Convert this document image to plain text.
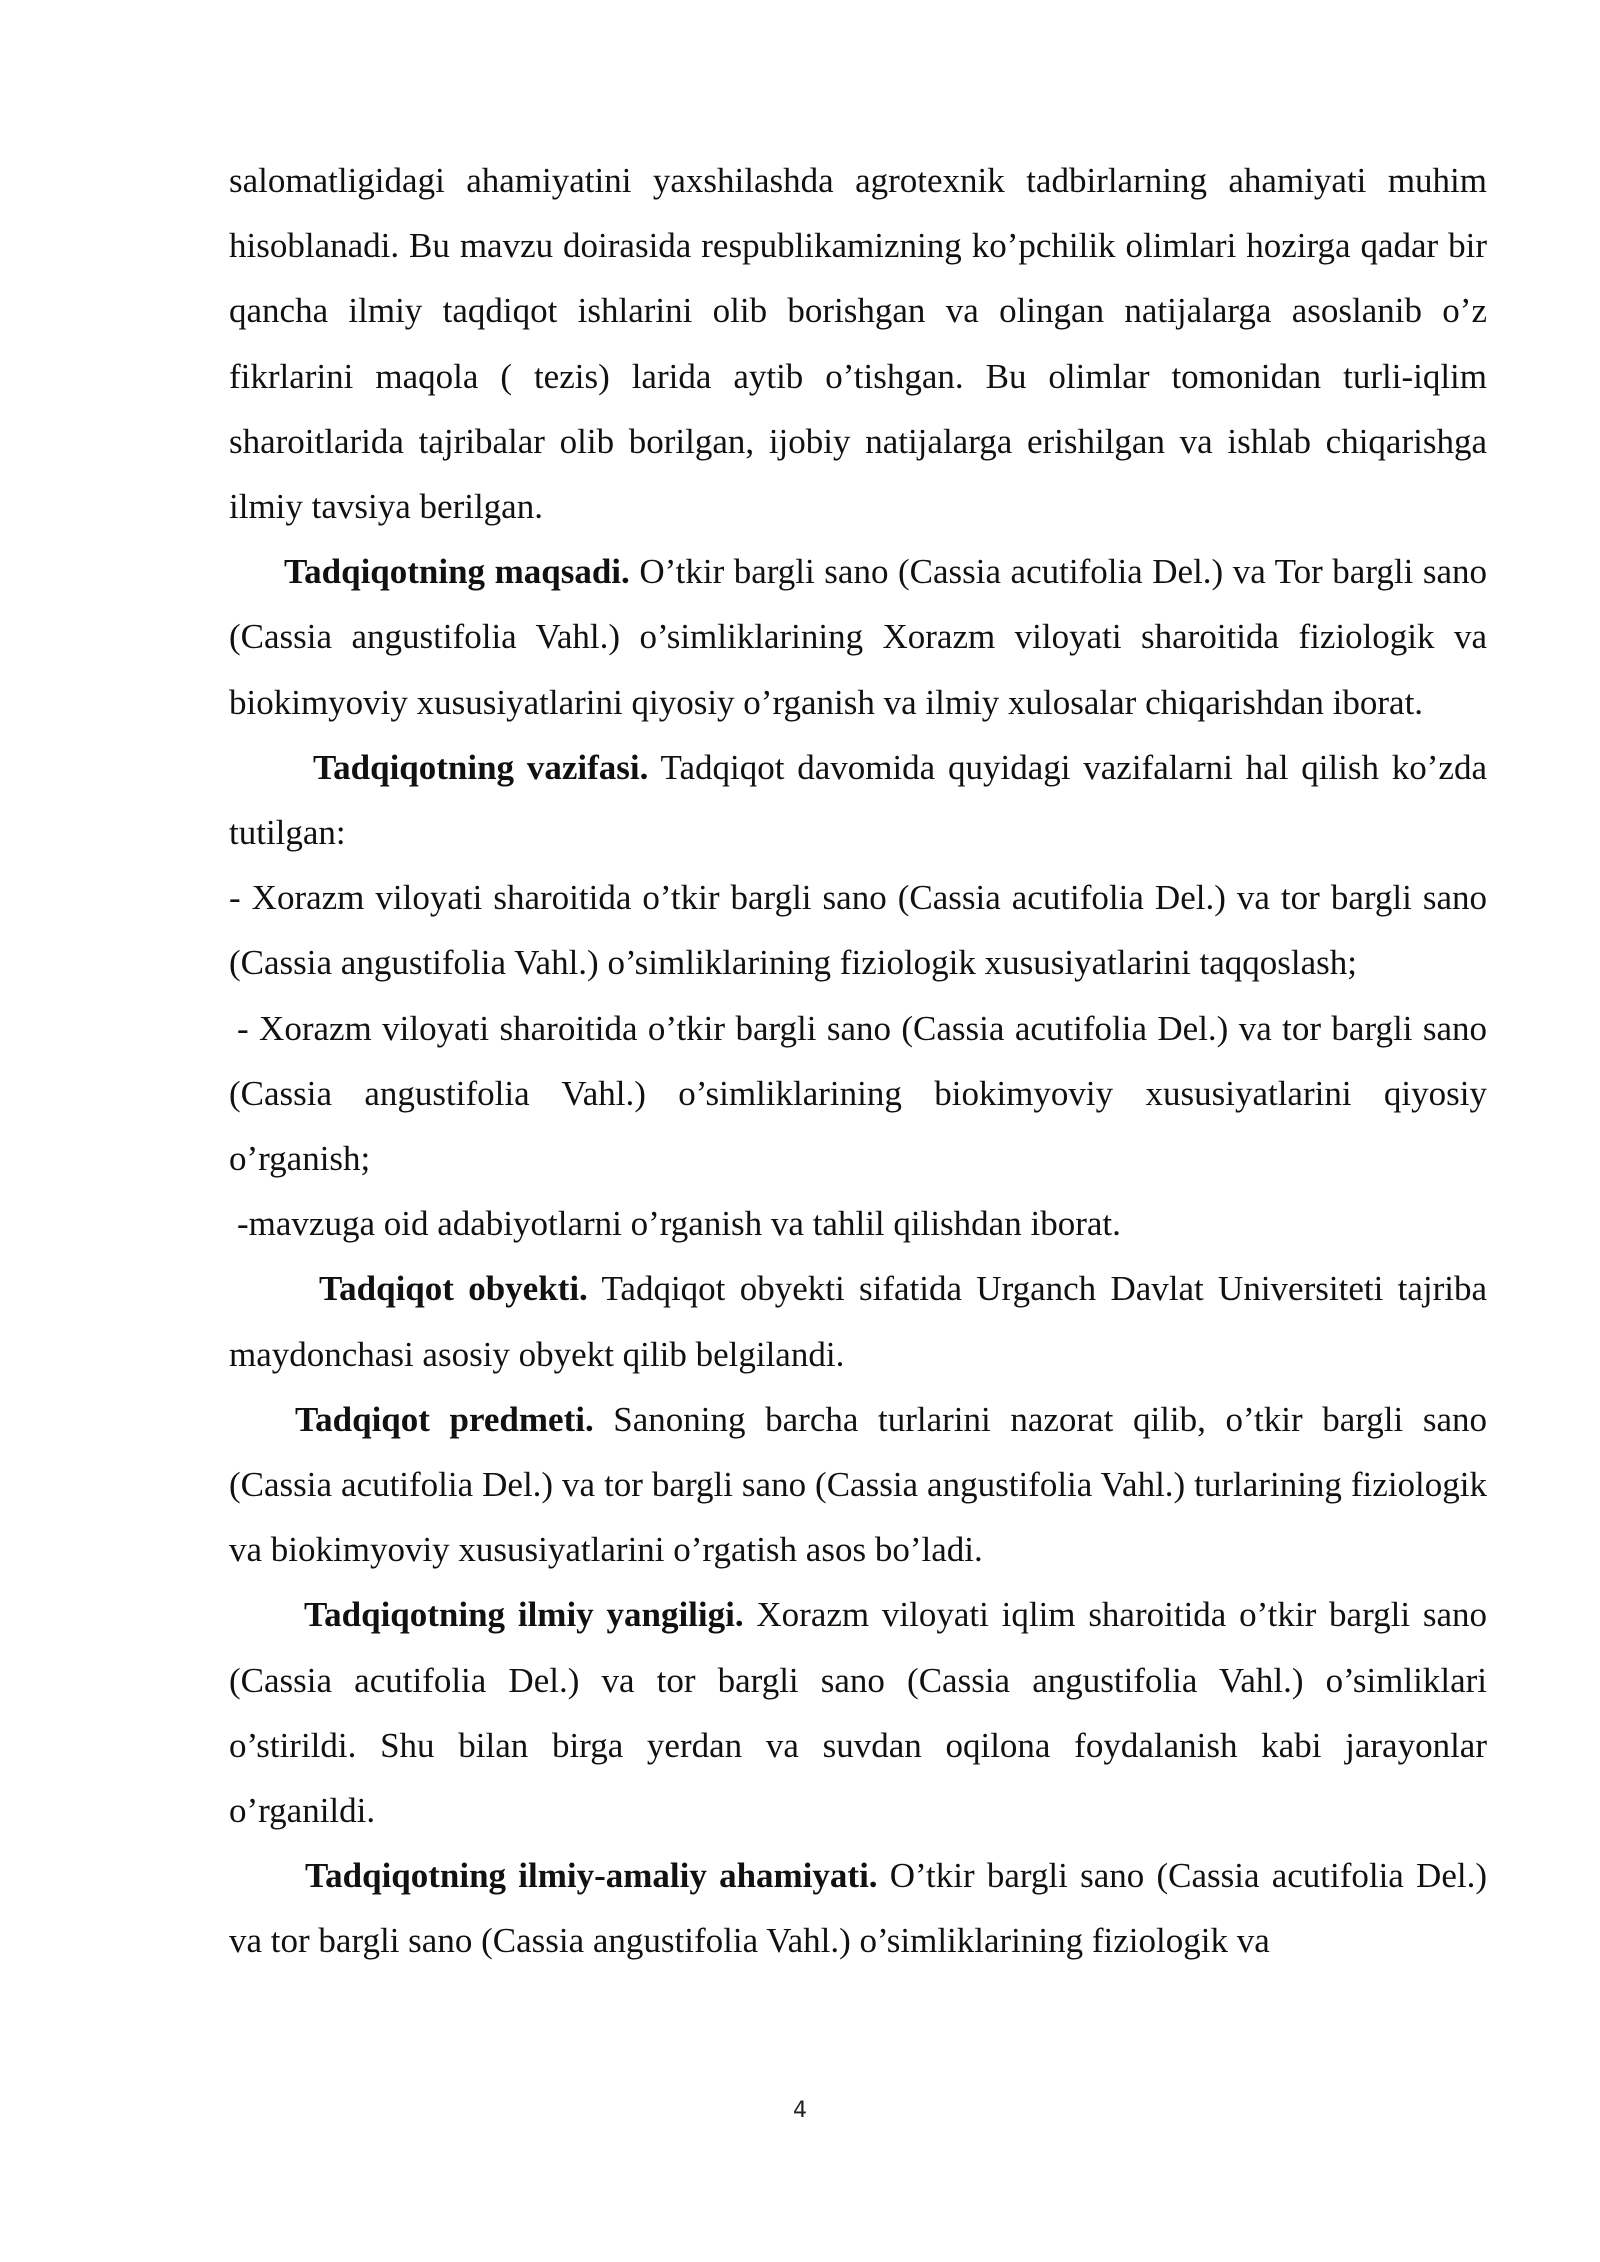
salomatligidagi ahamiyatini yaxshilashda agrotexnik tadbirlarning ahamiyati muhim hisoblanadi. Bu mavzu doirasida respublikamizning ko’pchilik olimlari hozirga qadar bir qancha ilmiy taqdiqot ishlarini olib borishgan va olingan natijalarga asoslanib o’z fikrlarini maqola ( tezis) larida aytib o’tishgan. Bu olimlar tomonidan turli-iqlim sharoitlarida tajribalar olib borilgan, ijobiy natijalarga erishilgan va ishlab chiqarishga ilmiy tavsiya berilgan.

Tadqiqotning maqsadi. O’tkir bargli sano (Cassia acutifolia Del.) va Tor bargli sano (Cassia angustifolia Vahl.) o’simliklarining Xorazm viloyati sharoitida fiziologik va biokimyoviy xususiyatlarini qiyosiy o’rganish va ilmiy xulosalar chiqarishdan iborat.

Tadqiqotning vazifasi. Tadqiqot davomida quyidagi vazifalarni hal qilish ko’zda tutilgan:

- Xorazm viloyati sharoitida o’tkir bargli sano (Cassia acutifolia Del.) va tor bargli sano (Cassia angustifolia Vahl.) o’simliklarining fiziologik xususiyatlarini taqqoslash;

- Xorazm viloyati sharoitida o’tkir bargli sano (Cassia acutifolia Del.) va tor bargli sano (Cassia angustifolia Vahl.) o’simliklarining biokimyoviy xususiyatlarini qiyosiy o’rganish;

-mavzuga oid adabiyotlarni o’rganish va tahlil qilishdan iborat.

Tadqiqot obyekti. Tadqiqot obyekti sifatida Urganch Davlat Universiteti tajriba maydonchasi asosiy obyekt qilib belgilandi.

Tadqiqot predmeti. Sanoning barcha turlarini nazorat qilib, o’tkir bargli sano (Cassia acutifolia Del.) va tor bargli sano (Cassia angustifolia Vahl.) turlarining fiziologik va biokimyoviy xususiyatlarini o’rgatish asos bo’ladi.

Tadqiqotning ilmiy yangiligi. Xorazm viloyati iqlim sharoitida o’tkir bargli sano (Cassia acutifolia Del.) va tor bargli sano (Cassia angustifolia Vahl.) o’simliklari o’stirildi. Shu bilan birga yerdan va suvdan oqilona foydalanish kabi jarayonlar o’rganildi.

Tadqiqotning ilmiy-amaliy ahamiyati. O’tkir bargli sano (Cassia acutifolia Del.) va tor bargli sano (Cassia angustifolia Vahl.) o’simliklarining fiziologik va

4
